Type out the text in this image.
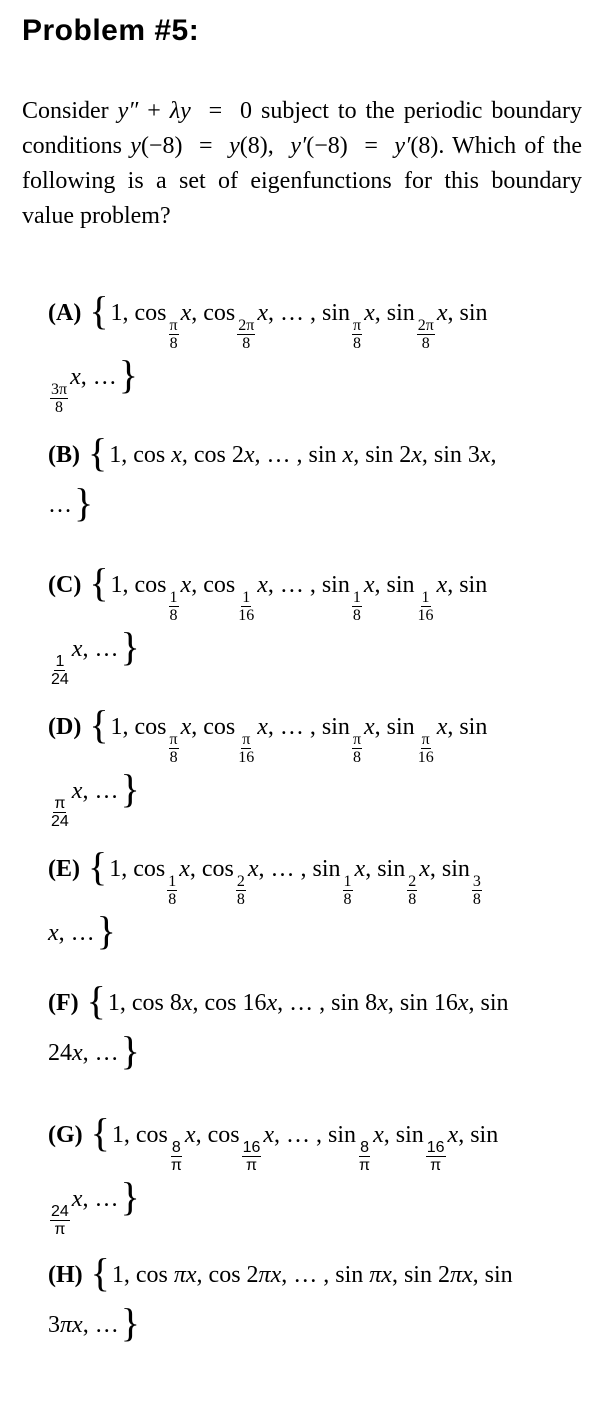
Problem #5:
Consider y″ + λy  =  0 subject to the periodic boundary conditions y(−8)  =  y(8),  y′(−8)  =  y′(8). Which of the following is a set of eigenfunctions for this boundary value problem?
(A) {1, cos
$\frac{\pi}{8}$
x, cos
$\frac{2\pi}{8}$
x, … , sin
$\frac{\pi}{8}$
x, sin
$\frac{2\pi}{8}$
x, sin

$\frac{3\pi}{8}$
x, …}
(B) {1, cos x, cos 2x, … , sin x, sin 2x, sin 3x,
…}
(C) {1, cos
$\frac{1}{8}$
x, cos
$\frac{1}{16}$
x, … , sin
$\frac{1}{8}$
x, sin
$\frac{1}{16}$
x, sin

$\frac{1}{24}$
x, …}
(D) {1, cos
$\frac{\pi}{8}$
x, cos
$\frac{\pi}{16}$
x, … , sin
$\frac{\pi}{8}$
x, sin
$\frac{\pi}{16}$
x, sin

$\frac{\pi}{24}$
x, …}
(E) {1, cos
$\frac{1}{8}$
x, cos
$\frac{2}{8}$
x, … , sin
$\frac{1}{8}$
x, sin
$\frac{2}{8}$
x, sin
$\frac{3}{8}$

x, …}
(F) {1, cos 8x, cos 16x, … , sin 8x, sin 16x, sin
24x, …}
(G) {1, cos
$\frac{8}{\pi}$
x, cos
$\frac{16}{\pi}$
x, … , sin
$\frac{8}{\pi}$
x, sin
$\frac{16}{\pi}$
x, sin

$\frac{24}{\pi}$
x, …}
(H) {1, cos πx, cos 2πx, … , sin πx, sin 2πx, sin
3πx, …}
